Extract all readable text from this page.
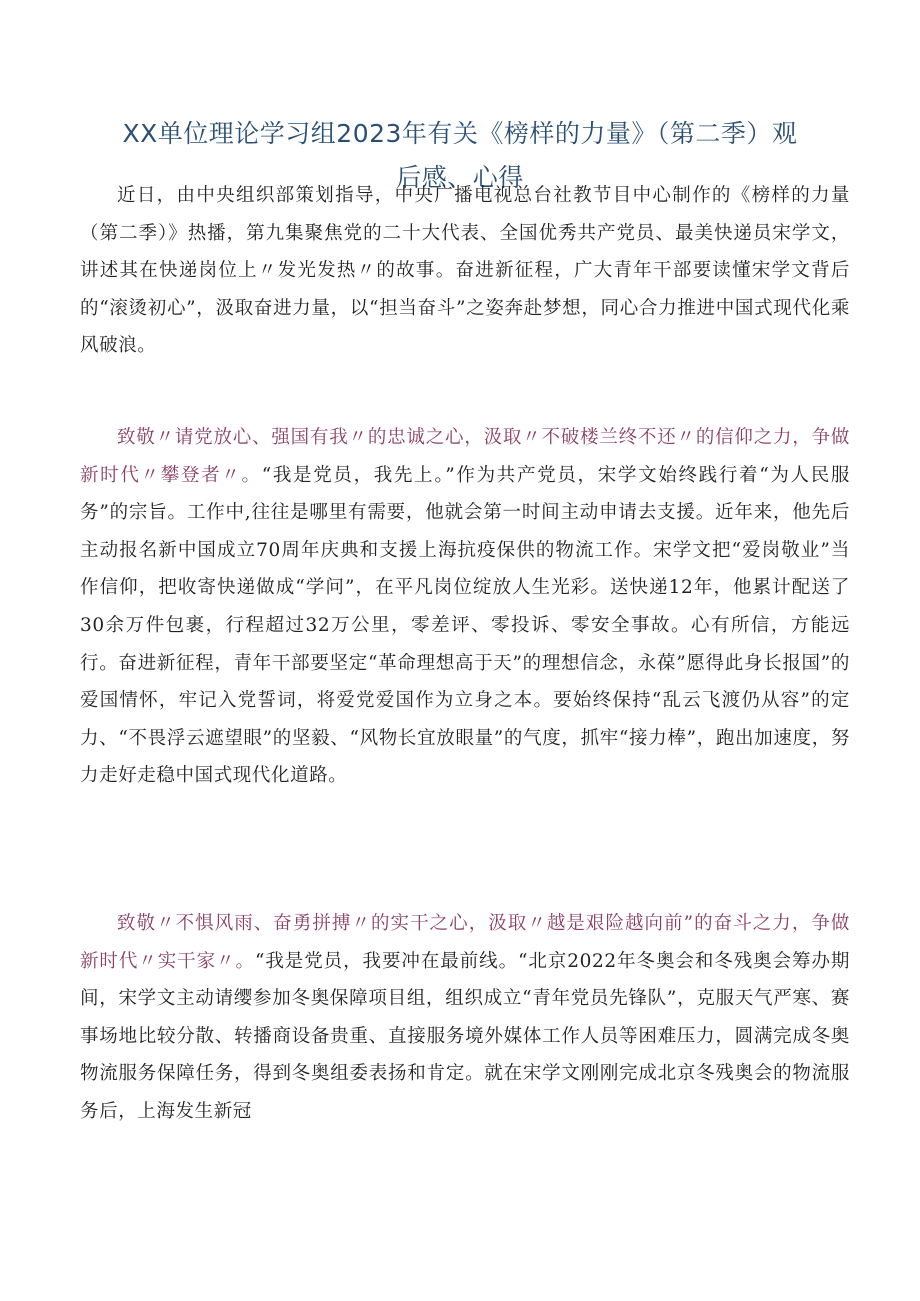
XX单位理论学习组2023年有关《榜样的力量》（第二季）观后感、心得

近日，由中央组织部策划指导，中央广播电视总台社教节目中心制作的《榜样的力量（第二季）》热播，第九集聚焦党的二十大代表、全国优秀共产党员、最美快递员宋学文，讲述其在快递岗位上〃发光发热〃的故事。奋进新征程，广大青年干部要读懂宋学文背后的“滚烫初心”，汲取奋进力量，以“担当奋斗”之姿奔赴梦想，同心合力推进中国式现代化乘风破浪。

致敬〃请党放心、强国有我〃的忠诚之心，汲取〃不破楼兰终不还〃的信仰之力，争做新时代〃攀登者〃。“我是党员，我先上。”作为共产党员，宋学文始终践行着“为人民服务”的宗旨。工作中,往往是哪里有需要，他就会第一时间主动申请去支援。近年来，他先后主动报名新中国成立70周年庆典和支援上海抗疫保供的物流工作。宋学文把“爱岗敬业”当作信仰，把收寄快递做成“学问”，在平凡岗位绽放人生光彩。送快递12年，他累计配送了30余万件包裹，行程超过32万公里，零差评、零投诉、零安全事故。心有所信，方能远行。奋进新征程，青年干部要坚定“革命理想高于天”的理想信念，永葆”愿得此身长报国”的爱国情怀，牢记入党誓词，将爱党爱国作为立身之本。要始终保持“乱云飞渡仍从容”的定力、“不畏浮云遮望眼”的坚毅、“风物长宜放眼量”的气度，抓牢“接力棒”，跑出加速度，努力走好走稳中国式现代化道路。

致敬〃不惧风雨、奋勇拼搏〃的实干之心，汲取〃越是艰险越向前”的奋斗之力，争做新时代〃实干家〃。“我是党员，我要冲在最前线。“北京2022年冬奥会和冬残奥会筹办期间，宋学文主动请缨参加冬奥保障项目组，组织成立“青年党员先锋队”，克服天气严寒、赛事场地比较分散、转播商设备贵重、直接服务境外媒体工作人员等困难压力，圆满完成冬奥物流服务保障任务，得到冬奥组委表扬和肯定。就在宋学文刚刚完成北京冬残奥会的物流服务后，上海发生新冠
